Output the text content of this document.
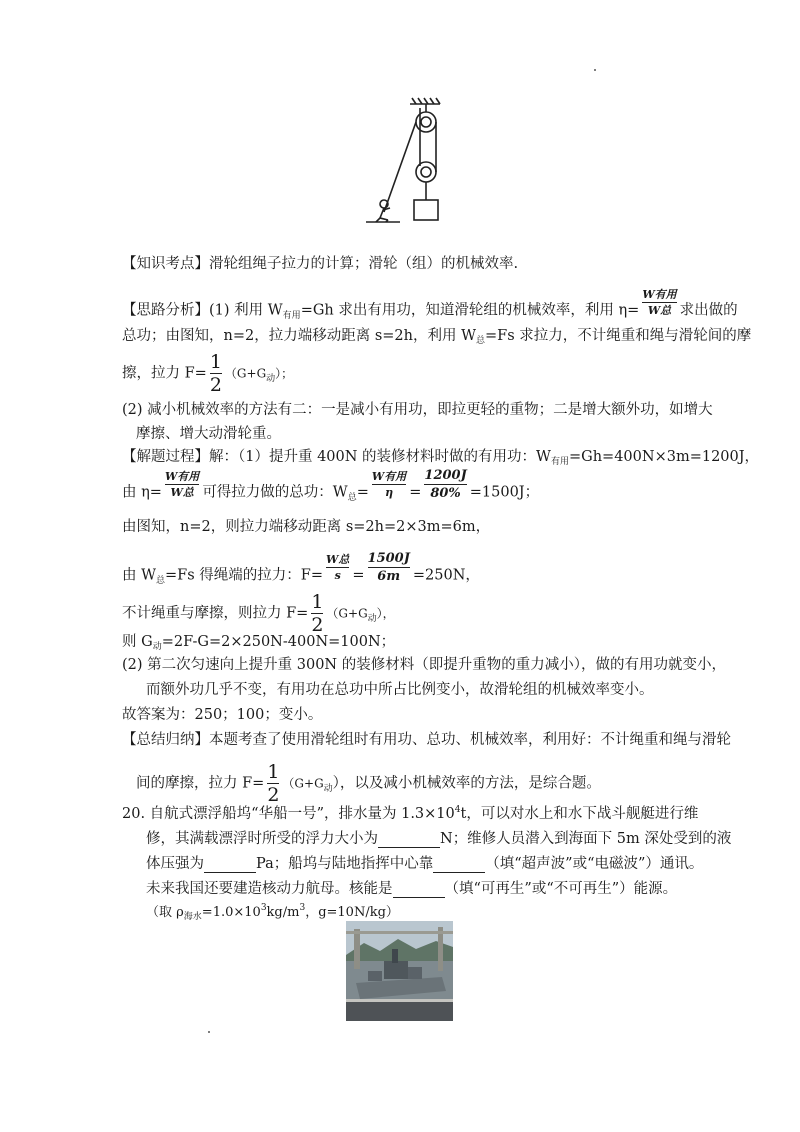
【知识考点】滑轮组绳子拉力的计算；滑轮（组）的机械效率.
【思路分析】(1) 利用 $W_{有用}=Gh$ 求出有用功，知道滑轮组的机械效率，利用 $\eta= \frac{\text{W有用}}{\text{W总}}$ 求出做的
总功；由图知，n=2，拉力端移动距离 s=2h，利用 $W_总=Fs$ 求拉力，不计绳重和绳与滑轮间的摩
擦，拉力 $F= \frac{1}{2} (G+G_动)$；
(2) 减小机械效率的方法有二：一是减小有用功，即拉更轻的重物；二是增大额外功，如增大
摩擦、增大动滑轮重。
【解题过程】解：（1）提升重 400N 的装修材料时做的有用功：$W_{有用}=Gh=400N\times 3m=1200J$，
由 $\eta= \frac{\text{W有用}}{\text{W总}}$ 可得拉力做的总功：$W_总= \frac{\text{W有用}}{\eta} = \frac{1200J}{80\%} =1500J$；
由图知，n=2，则拉力端移动距离 s=2h=2×3m=6m，
由 $W_总=Fs$ 得绳端的拉力：$F= \frac{\text{W总}}{s} = \frac{1500J}{6m} =250N$，
不计绳重与摩擦，则拉力 $F= \frac{1}{2} (G+G_动)$，
则 $G_动=2F-G=2\times 250N-400N=100N$；
(2) 第二次匀速向上提升重 300N 的装修材料（即提升重物的重力减小），做的有用功就变小，
而额外功几乎不变，有用功在总功中所占比例变小，故滑轮组的机械效率变小。
故答案为：250；100；变小。
【总结归纳】本题考查了使用滑轮组时有用功、总功、机械效率，利用好：不计绳重和绳与滑轮
间的摩擦，拉力 $F= \frac{1}{2} (G+G_动)$，以及减小机械效率的方法，是综合题。
20. 自航式漂浮船坞“华船一号”，排水量为 $1.3\times 10^4t$，可以对水上和水下战斗舰艇进行维
修，其满载漂浮时所受的浮力大小为	N；维修人员潜入到海面下 5m 深处受到的液
体压强为	Pa；船坞与陆地指挥中心靠	（填“超声波”或“电磁波”）通讯。
未来我国还要建造核动力航母。核能是	（填“可再生”或“不可再生”）能源。
（取 $\rho_{海水}=1.0\times 10^3kg/m^3$，g=10N/kg）
